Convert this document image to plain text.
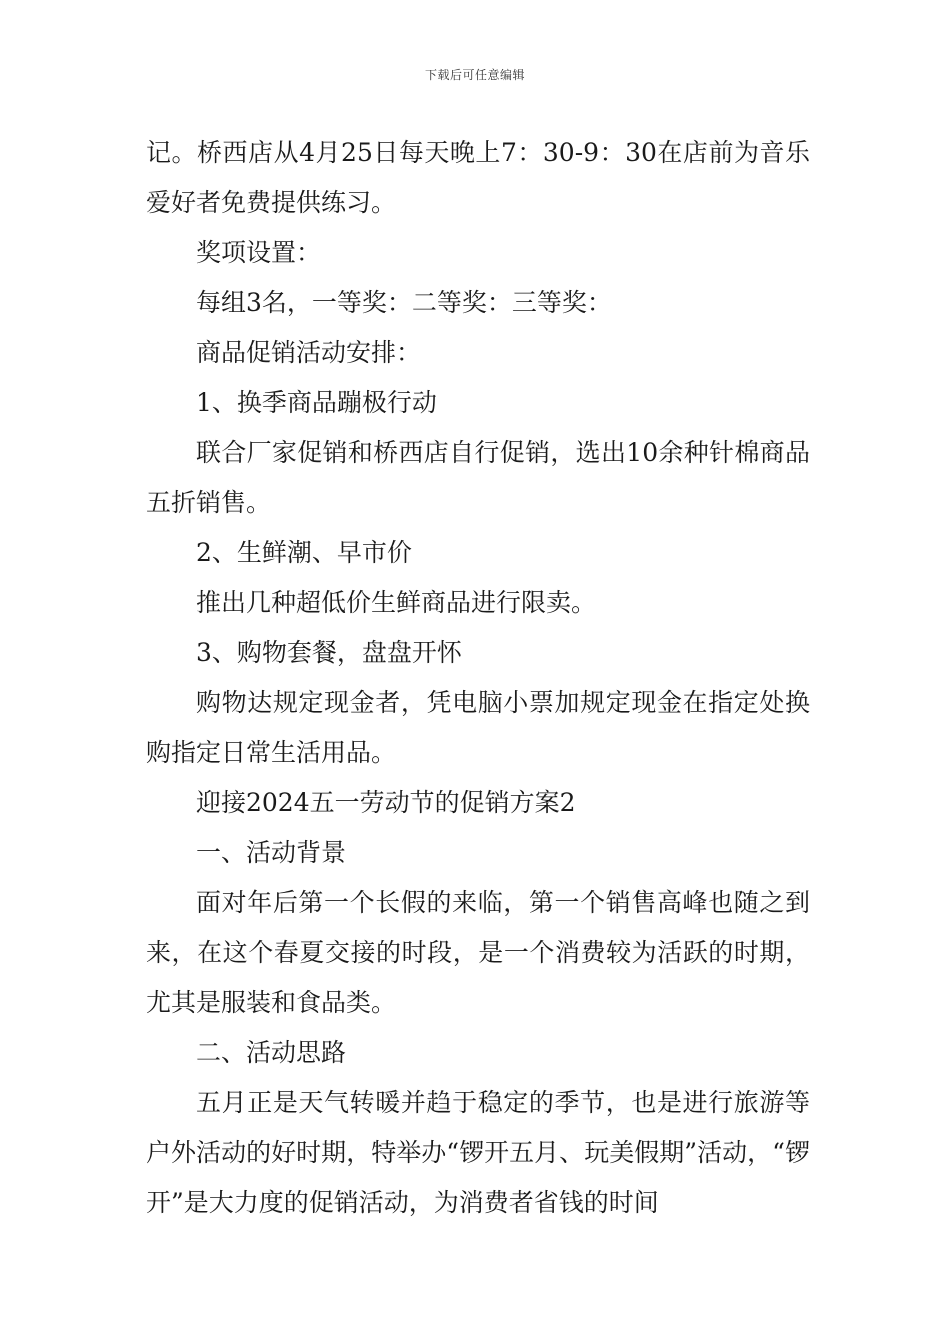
下载后可任意编辑

记。桥西店从4月25日每天晚上7：30-9：30在店前为音乐爱好者免费提供练习。

奖项设置：

每组3名，一等奖：二等奖：三等奖：

商品促销活动安排：

1、换季商品蹦极行动

联合厂家促销和桥西店自行促销，选出10余种针棉商品五折销售。

2、生鲜潮、早市价

推出几种超低价生鲜商品进行限卖。

3、购物套餐，盘盘开怀

购物达规定现金者，凭电脑小票加规定现金在指定处换购指定日常生活用品。

迎接2024五一劳动节的促销方案2

一、活动背景

面对年后第一个长假的来临，第一个销售高峰也随之到来，在这个春夏交接的时段，是一个消费较为活跃的时期，尤其是服装和食品类。

二、活动思路

五月正是天气转暖并趋于稳定的季节，也是进行旅游等户外活动的好时期，特举办“锣开五月、玩美假期”活动，“锣开”是大力度的促销活动，为消费者省钱的时间
